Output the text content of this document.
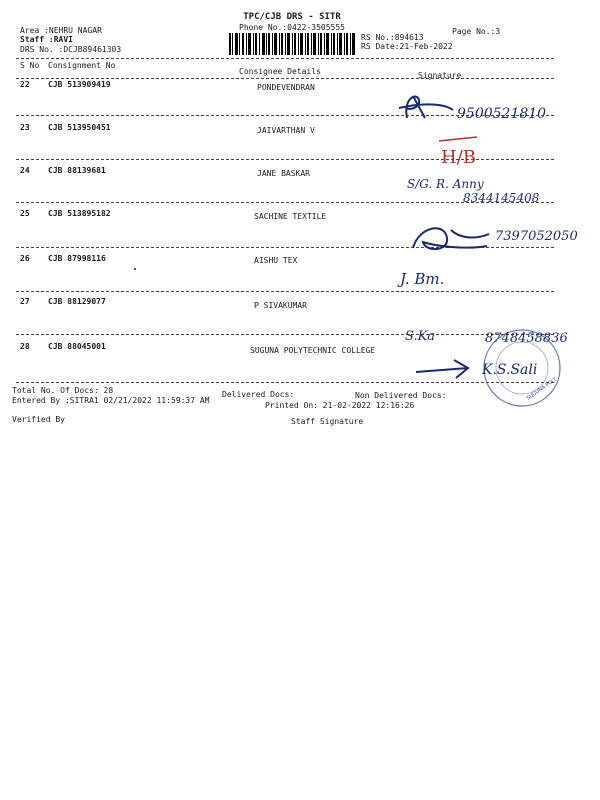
TPC/CJB DRS - SITR
Phone No.:0422-3505555
Area :NEHRU NAGAR
Staff :RAVI
DRS No. :DCJB89461303
Page No.:3
RS No.:894613
RS Date:21-Feb-2022
S No Consignment No
Consignee Details	Signature
22 CJB 513909419	PONDEVENDRAN
23 CJB 513950451	JAIVARTHAN V
24 CJB 88139681	JANE BASKAR
25 CJB 513895182	SACHINE TEXTILE
26 CJB 87998116	AISHU TEX
27 CJB 88129077	P SIVAKUMAR
28 CJB 88045001	SUGUNA POLYTECHNIC COLLEGE
Total No. Of Docs: 28	Delivered Docs:	Non Delivered Docs:
Entered By :SITRA1 02/21/2022 11:59:37 AM
Printed On: 21-02-2022 12:16:26
Verified By	Staff Signature
9500521810
H/B
S/G. R. Anny
8344145408
7397052050
J. Bm.
S.Ka	8748458836
K.S.Sali
SUGUNA POLY
